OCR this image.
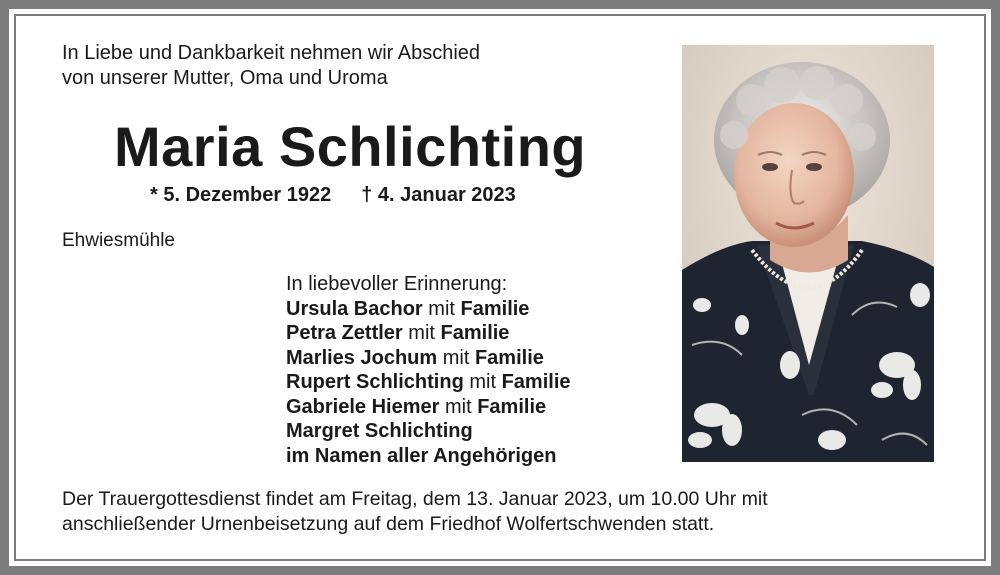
In Liebe und Dankbarkeit nehmen wir Abschied
von unserer Mutter, Oma und Uroma
Maria Schlichting
* 5. Dezember 1922 † 4. Januar 2023
Ehwiesmühle
In liebevoller Erinnerung:
Ursula Bachor mit Familie
Petra Zettler mit Familie
Marlies Jochum mit Familie
Rupert Schlichting mit Familie
Gabriele Hiemer mit Familie
Margret Schlichting
im Namen aller Angehörigen
Der Trauergottesdienst findet am Freitag, dem 13. Januar 2023, um 10.00 Uhr mit
anschließender Urnenbeisetzung auf dem Friedhof Wolfertschwenden statt.
